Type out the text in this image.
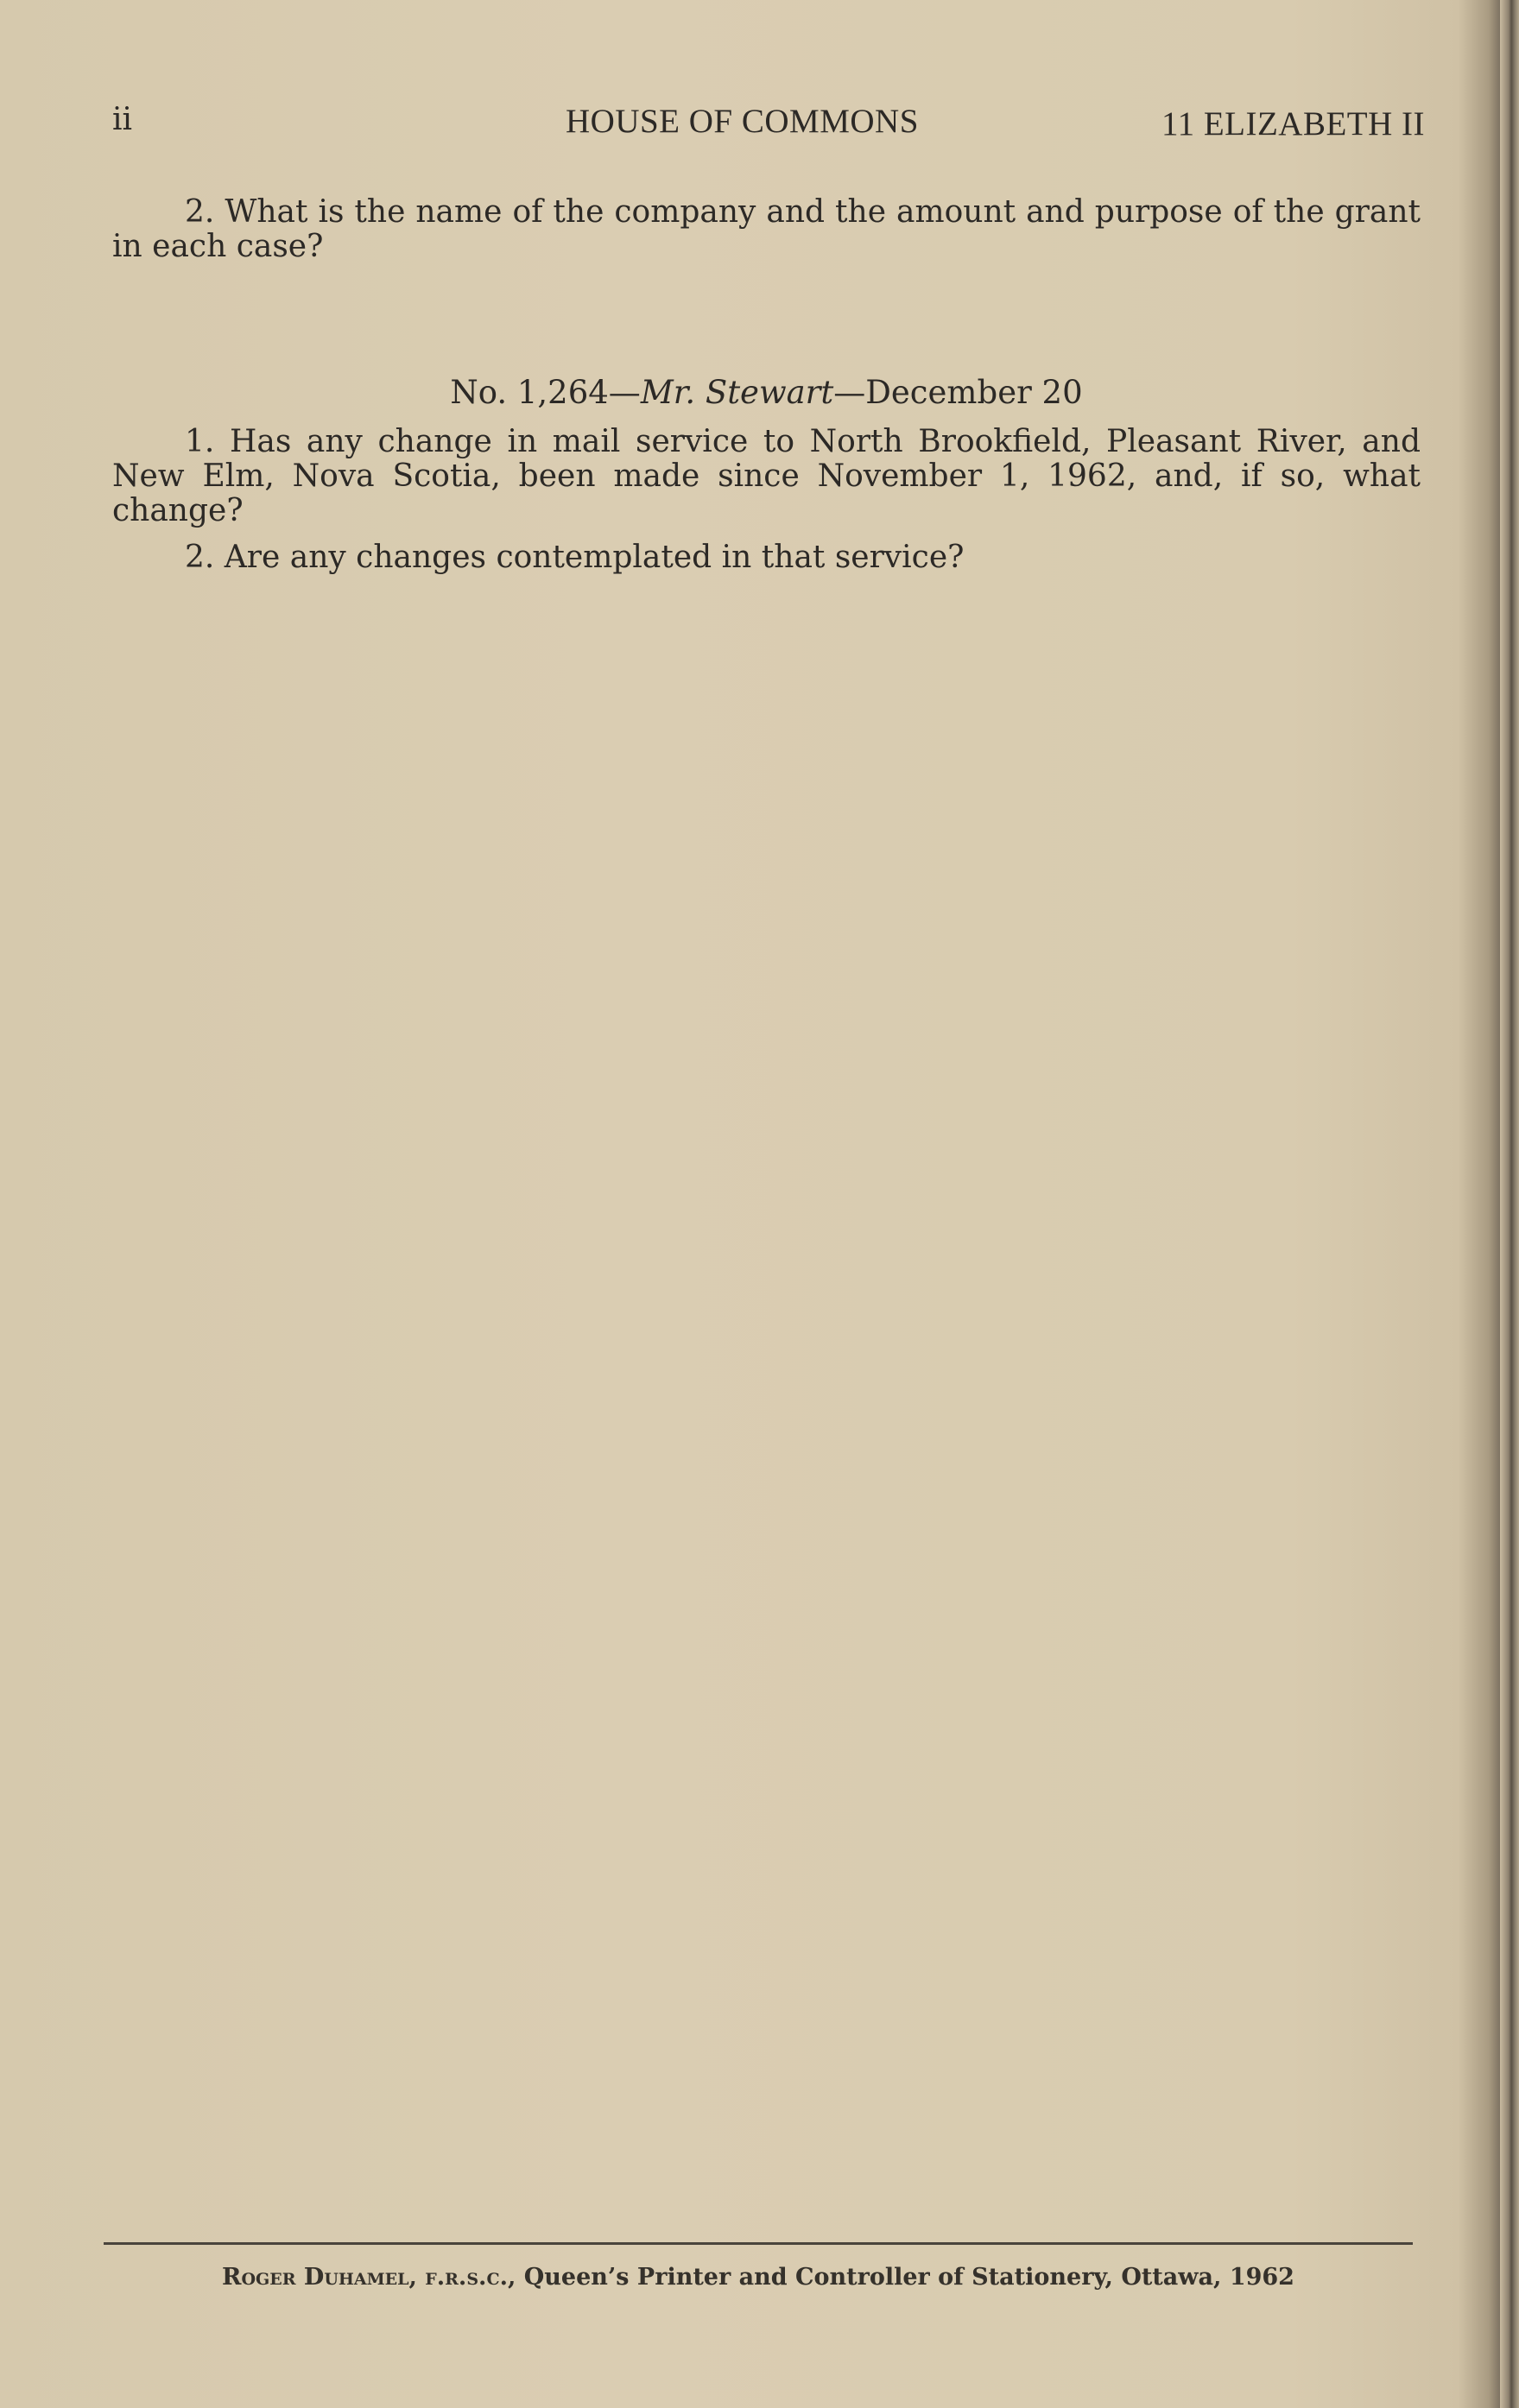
ii	HOUSE OF COMMONS	11 ELIZABETH II
2. What is the name of the company and the amount and purpose of the grant in each case?
No. 1,264—Mr. Stewart—December 20
1. Has any change in mail service to North Brookfield, Pleasant River, and New Elm, Nova Scotia, been made since November 1, 1962, and, if so, what change?
2. Are any changes contemplated in that service?
Roger Duhamel, f.r.s.c., Queen’s Printer and Controller of Stationery, Ottawa, 1962
